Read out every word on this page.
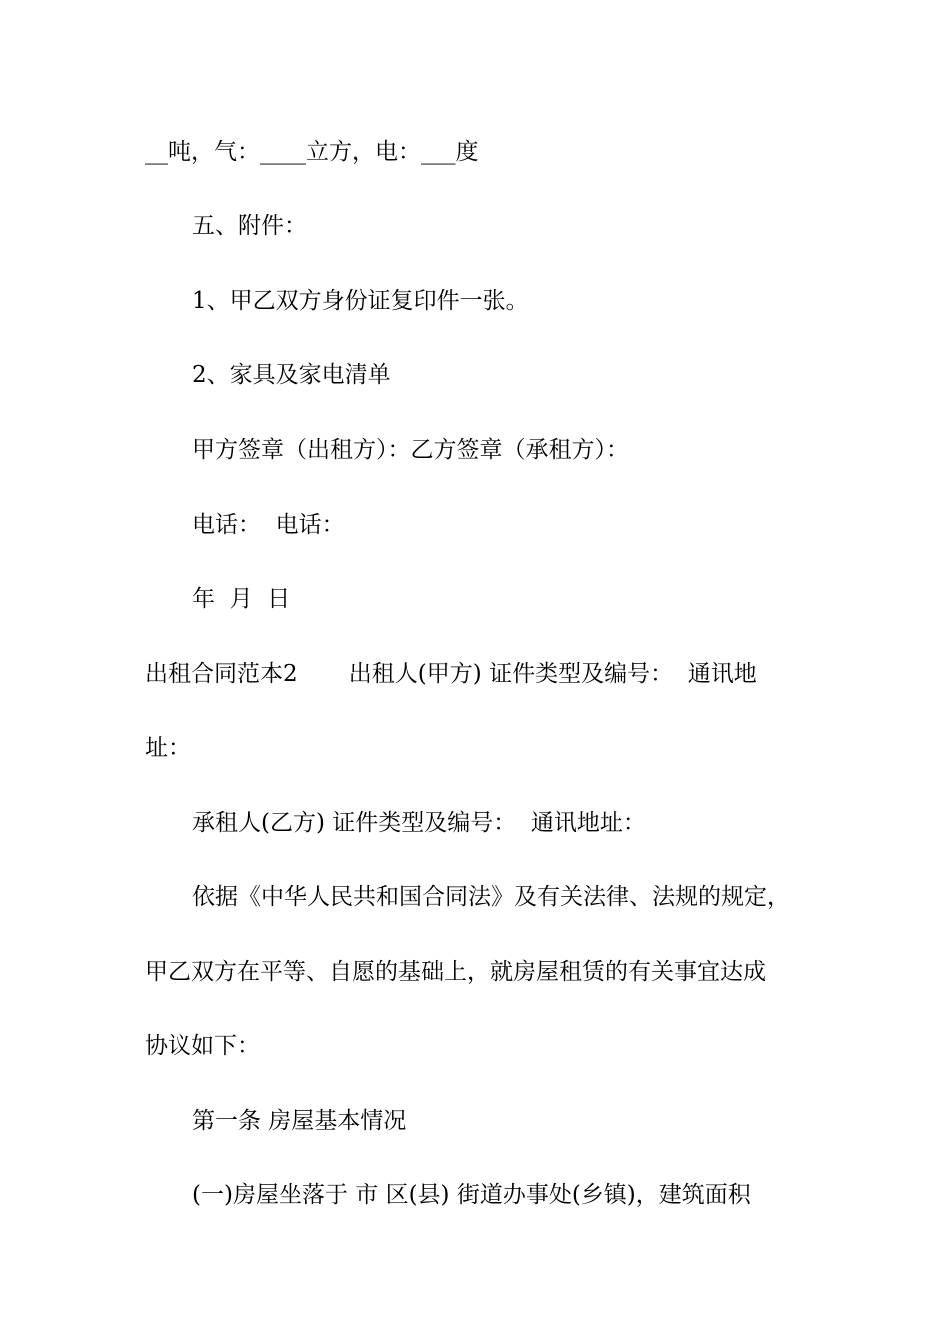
__吨，气：____立方，电：___度
五、附件：
1、甲乙双方身份证复印件一张。
2、家具及家电清单
甲方签章（出租方）：乙方签章（承租方）：
电话：  电话：
年  月  日
出租合同范本2       出租人(甲方) 证件类型及编号：  通讯地
址：
承租人(乙方) 证件类型及编号：  通讯地址：
依据《中华人民共和国合同法》及有关法律、法规的规定，
甲乙双方在平等、自愿的基础上，就房屋租赁的有关事宜达成
协议如下：
第一条 房屋基本情况
(一)房屋坐落于 市 区(县) 街道办事处(乡镇)，建筑面积
